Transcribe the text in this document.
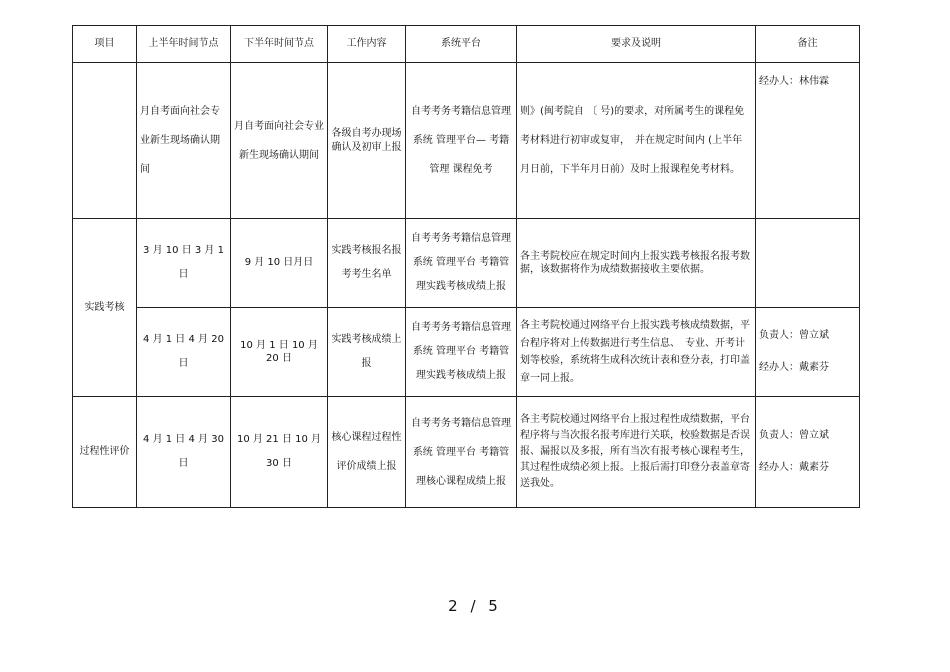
项目	上半年时间节点	下半年时间节点	工作内容	系统平台	要求及说明	备注
	月自考面向社会专业新生现场确认期间	月自考面向社会专业新生现场确认期间	各级自考办现场确认及初审上报	自考考务考籍信息管理系统 管理平台— 考籍管理 课程免考	则》(闽考院自 〔 号)的要求，对所属考生的课程免考材料进行初审或复审，　并在规定时间内 (上半年月日前，下半年月日前）及时上报课程免考材料。	经办人：林伟霖

实践考核	3 月 10 日 3 月 1 日	9 月 10 日月日	实践考核报名报考考生名单	自考考务考籍信息管理系统 管理平台 考籍管理实践考核成绩上报	各主考院校应在规定时间内上报实践考核报名报考数据，该数据将作为成绩数据接收主要依据。	

	4 月 1 日 4 月 20 日	10 月 1 日 10 月 20 日	实践考核成绩上报	自考考务考籍信息管理系统 管理平台 考籍管理实践考核成绩上报	各主考院校通过网络平台上报实践考核成绩数据，平台程序将对上传数据进行考生信息、　专业、开考计划等校验，系统将生成科次统计表和登分表，打印盖章一同上报。	负责人：曾立斌
经办人：戴素芬

过程性评价	4 月 1 日 4 月 30 日	10 月 21 日 10 月 30 日	核心课程过程性评价成绩上报	自考考务考籍信息管理系统 管理平台 考籍管理核心课程成绩上报	各主考院校通过网络平台上报过程性成绩数据，平台程序将与当次报名报考库进行关联，校验数据是否误报、漏报以及多报，所有当次有报考核心课程考生，其过程性成绩必须上报。上报后需打印登分表盖章寄送我处。	负责人：曾立斌
经办人：戴素芬
2 / 5
